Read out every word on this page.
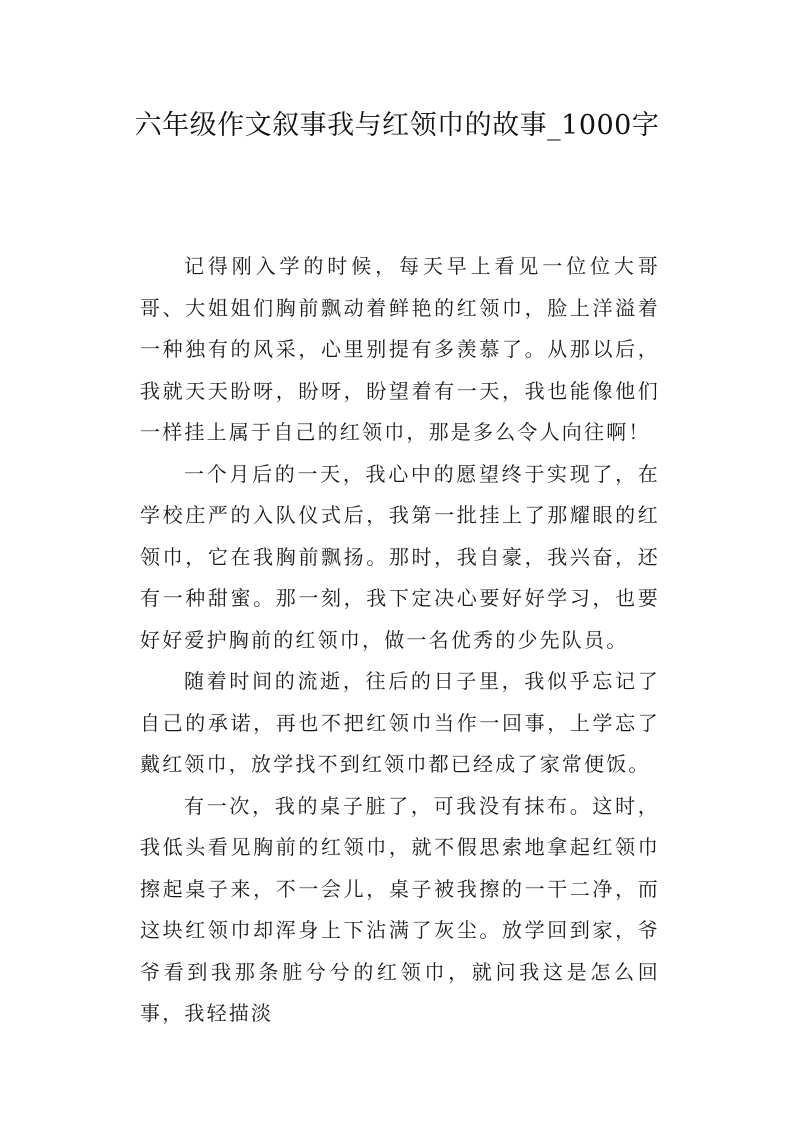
六年级作文叙事我与红领巾的故事_1000字

记得刚入学的时候，每天早上看见一位位大哥哥、大姐姐们胸前飘动着鲜艳的红领巾，脸上洋溢着一种独有的风采，心里别提有多羡慕了。从那以后，我就天天盼呀，盼呀，盼望着有一天，我也能像他们一样挂上属于自己的红领巾，那是多么令人向往啊！

一个月后的一天，我心中的愿望终于实现了，在学校庄严的入队仪式后，我第一批挂上了那耀眼的红领巾，它在我胸前飘扬。那时，我自豪，我兴奋，还有一种甜蜜。那一刻，我下定决心要好好学习，也要好好爱护胸前的红领巾，做一名优秀的少先队员。

随着时间的流逝，往后的日子里，我似乎忘记了自己的承诺，再也不把红领巾当作一回事，上学忘了戴红领巾，放学找不到红领巾都已经成了家常便饭。

有一次，我的桌子脏了，可我没有抹布。这时，我低头看见胸前的红领巾，就不假思索地拿起红领巾擦起桌子来，不一会儿，桌子被我擦的一干二净，而这块红领巾却浑身上下沾满了灰尘。放学回到家，爷爷看到我那条脏兮兮的红领巾，就问我这是怎么回事，我轻描淡
